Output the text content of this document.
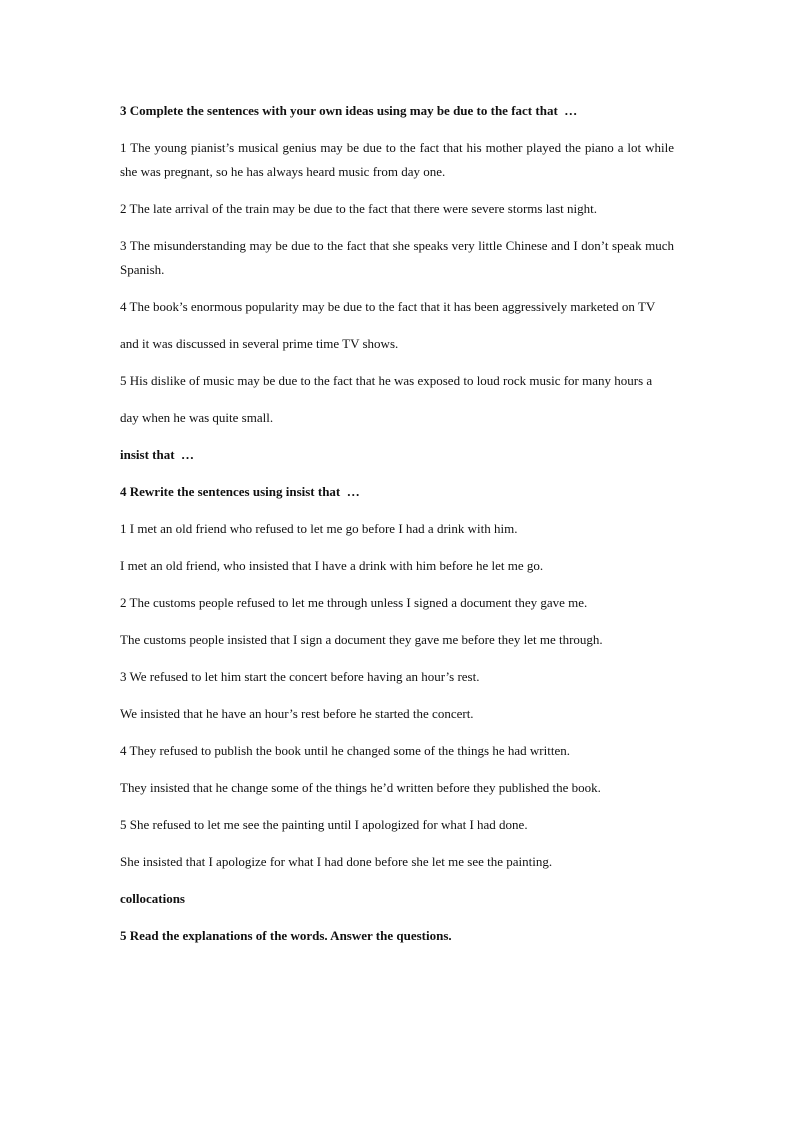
3 Complete the sentences with your own ideas using may be due to the fact that  …

1 The young pianist’s musical genius may be due to the fact that his mother played the piano a lot while she was pregnant, so he has always heard music from day one.

2 The late arrival of the train may be due to the fact that there were severe storms last night.

3 The misunderstanding may be due to the fact that she speaks very little Chinese and I don’t speak much Spanish.

4 The book’s enormous popularity may be due to the fact that it has been aggressively marketed on TV

and it was discussed in several prime time TV shows.

5 His dislike of music may be due to the fact that he was exposed to loud rock music for many hours a

day when he was quite small.

insist that  …

4 Rewrite the sentences using insist that  …

1 I met an old friend who refused to let me go before I had a drink with him.

I met an old friend, who insisted that I have a drink with him before he let me go.

2 The customs people refused to let me through unless I signed a document they gave me.

The customs people insisted that I sign a document they gave me before they let me through.

3 We refused to let him start the concert before having an hour’s rest.

We insisted that he have an hour’s rest before he started the concert.

4 They refused to publish the book until he changed some of the things he had written.

They insisted that he change some of the things he’d written before they published the book.

5 She refused to let me see the painting until I apologized for what I had done.

She insisted that I apologize for what I had done before she let me see the painting.

collocations

5 Read the explanations of the words. Answer the questions.
